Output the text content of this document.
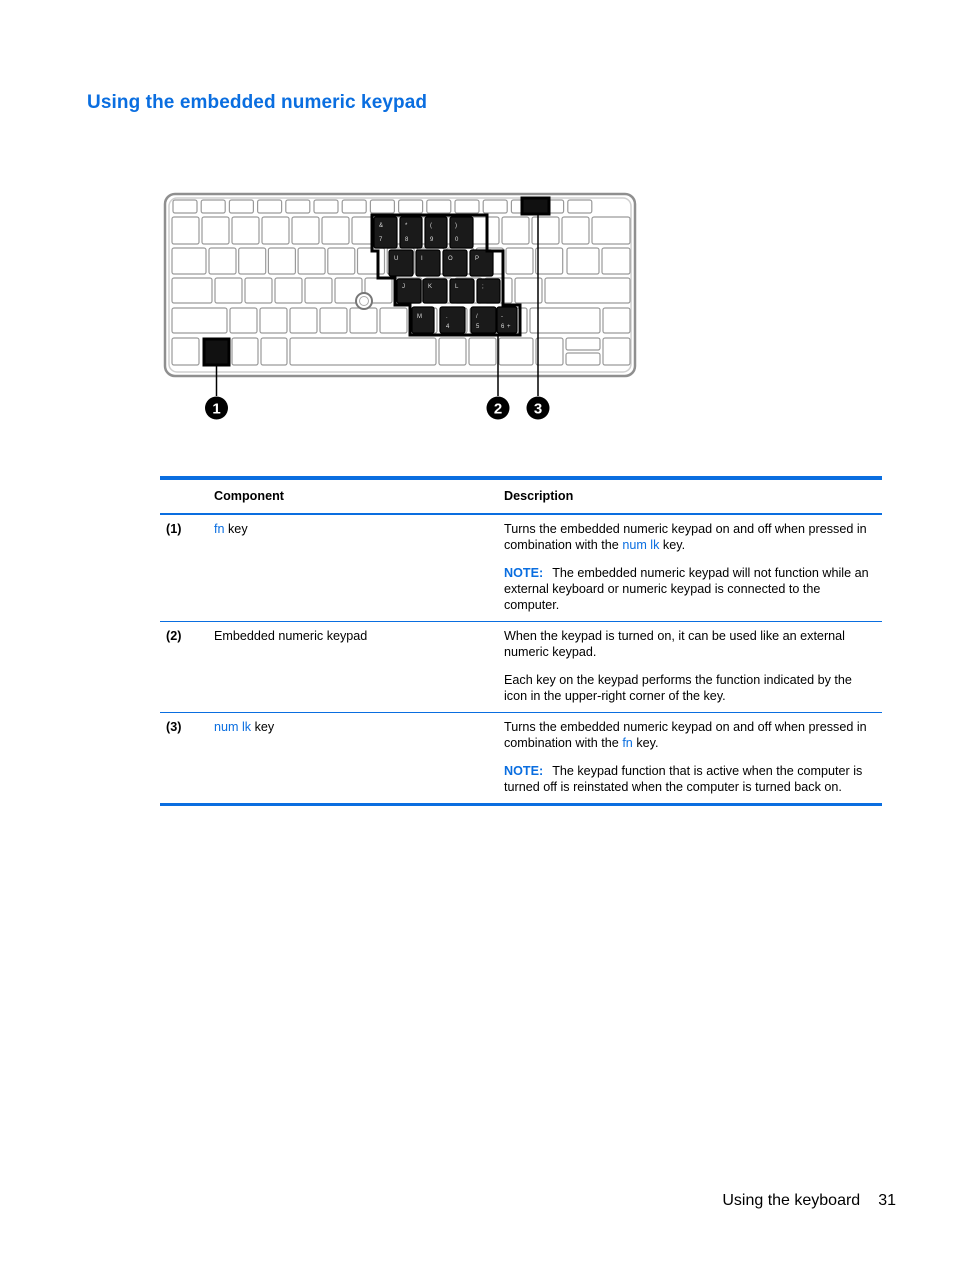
Using the embedded numeric keypad
&	*	(	)
7	8	9	0
U	I	O	P
J	K	L	;
M	.	/	-
+
4	5	6
1	2 3

	Component	Description
(1)	fn key	Turns the embedded numeric keypad on and off when pressed in combination with the num lk key.

NOTE: The embedded numeric keypad will not function while an external keyboard or numeric keypad is connected to the computer.

(2)	Embedded numeric keypad	When the keypad is turned on, it can be used like an external numeric keypad.

Each key on the keypad performs the function indicated by the icon in the upper-right corner of the key.

(3)	num lk key	Turns the embedded numeric keypad on and off when pressed in combination with the fn key.

NOTE: The keypad function that is active when the computer is turned off is reinstated when the computer is turned back on.

Using the keyboard 31
